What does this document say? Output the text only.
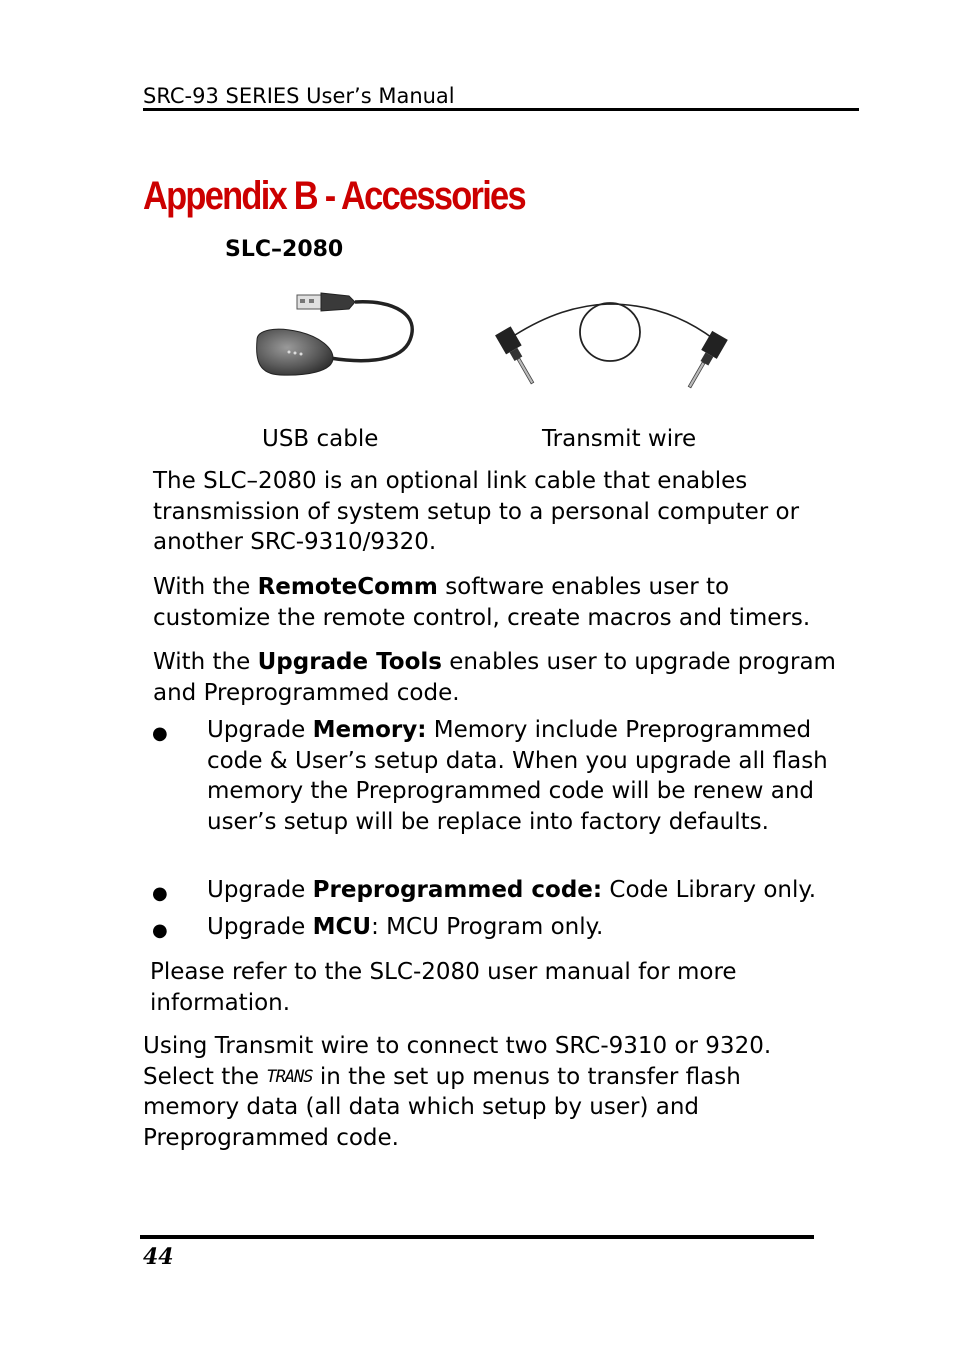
SRC-93 SERIES User’s Manual
Appendix B - Accessories
SLC–2080
USB cable	Transmit wire

The SLC–2080 is an optional link cable that enables transmission of system setup to a personal computer or another SRC-9310/9320.

With the RemoteComm software enables user to customize the remote control, create macros and timers.

With the Upgrade Tools enables user to upgrade program and Preprogrammed code.

● Upgrade Memory: Memory include Preprogrammed code & User’s setup data. When you upgrade all flash memory the Preprogrammed code will be renew and user’s setup will be replace into factory defaults.
● Upgrade Preprogrammed code: Code Library only.
● Upgrade MCU: MCU Program only.

Please refer to the SLC-2080 user manual for more information.

Using Transmit wire to connect two SRC-9310 or 9320.
Select the TRANS in the set up menus to transfer flash memory data (all data which setup by user) and Preprogrammed code.

44
